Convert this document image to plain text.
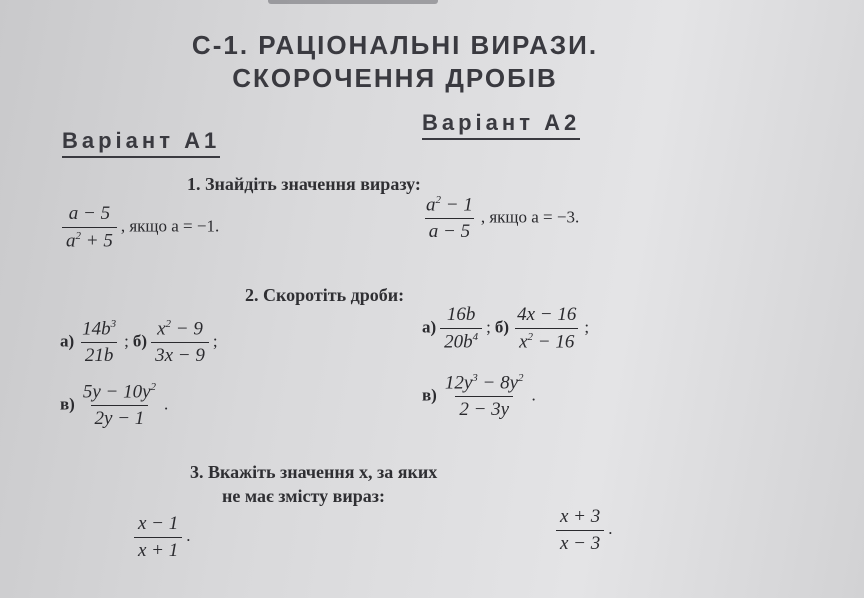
С-1. РАЦІОНАЛЬНІ ВИРАЗИ.
СКОРОЧЕННЯ ДРОБІВ
Варіант А1
Варіант А2
1. Знайдіть значення виразу:
$\frac{a - 5}{a^2 + 5}$ , якщо a = −1.	$\frac{a^2 - 1}{a - 5}$ , якщо a = −3.
2. Скоротіть дроби:
$а) \frac{14b^3}{21b}$ ; $б) \frac{x^2 - 9}{3x - 9}$ ;
$в) \frac{5y - 10y^2}{2y - 1}$ .
$а) \frac{16b}{20b^4}$ ; $б) \frac{4x - 16}{x^2 - 16}$ ;
$в) \frac{12y^3 - 8y^2}{2 - 3y}$ .
3. Вкажіть значення x, за яких
не має змісту вираз:
$\frac{x - 1}{x + 1}$ .	$\frac{x + 3}{x - 3}$ .
